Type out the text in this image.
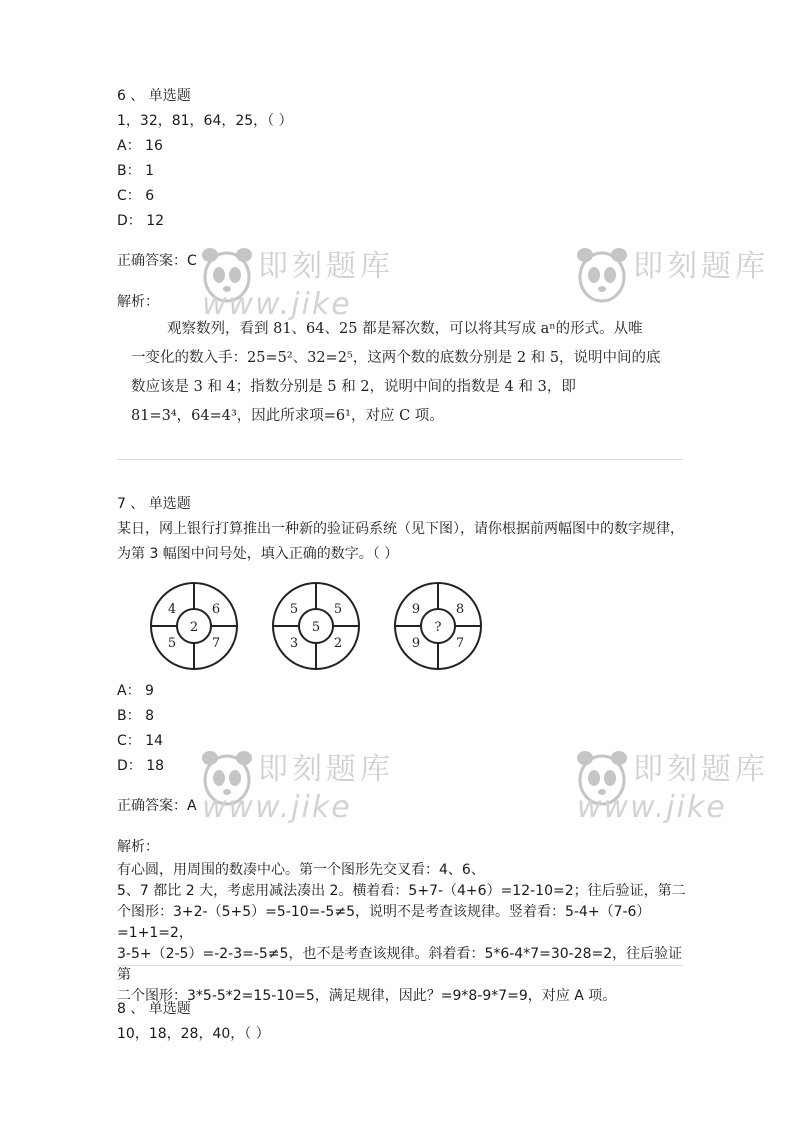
即刻题库
www.jike
即刻题库
即刻题库
www.jike
即刻题库
www.jike
6 、 单选题
1，32，81，64，25，（ ）
A： 16
B： 1
C： 6
D： 12
正确答案：C
解析：
观察数列，看到 81、64、25 都是幂次数，可以将其写成 aⁿ的形式。从唯
一变化的数入手：25=5²、32=2⁵，这两个数的底数分别是 2 和 5，说明中间的底
数应该是 3 和 4；指数分别是 5 和 2，说明中间的指数是 4 和 3，即
81=3⁴，64=4³，因此所求项=6¹，对应 C 项。
7 、 单选题
某日，网上银行打算推出一种新的验证码系统（见下图），请你根据前两幅图中的数字规律，为第 3 幅图中问号处，填入正确的数字。（ ）
2
4	6
5	7
5
5	5
3	2
?
9	8
9	7
A： 9
B： 8
C： 14
D： 18
正确答案：A
解析：
有心圆，用周围的数凑中心。第一个图形先交叉看：4、6、
5、7 都比 2 大，考虑用减法凑出 2。横着看：5+7-（4+6）=12-10=2；往后验证，第二
个图形：3+2-（5+5）=5-10=-5≠5，说明不是考查该规律。竖着看：5-4+（7-6）=1+1=2，
3-5+（2-5）=-2-3=-5≠5，也不是考查该规律。斜着看：5*6-4*7=30-28=2，往后验证第
二个图形：3*5-5*2=15-10=5，满足规律，因此？=9*8-9*7=9，对应 A 项。
8 、 单选题
10，18，28，40，（ ）
